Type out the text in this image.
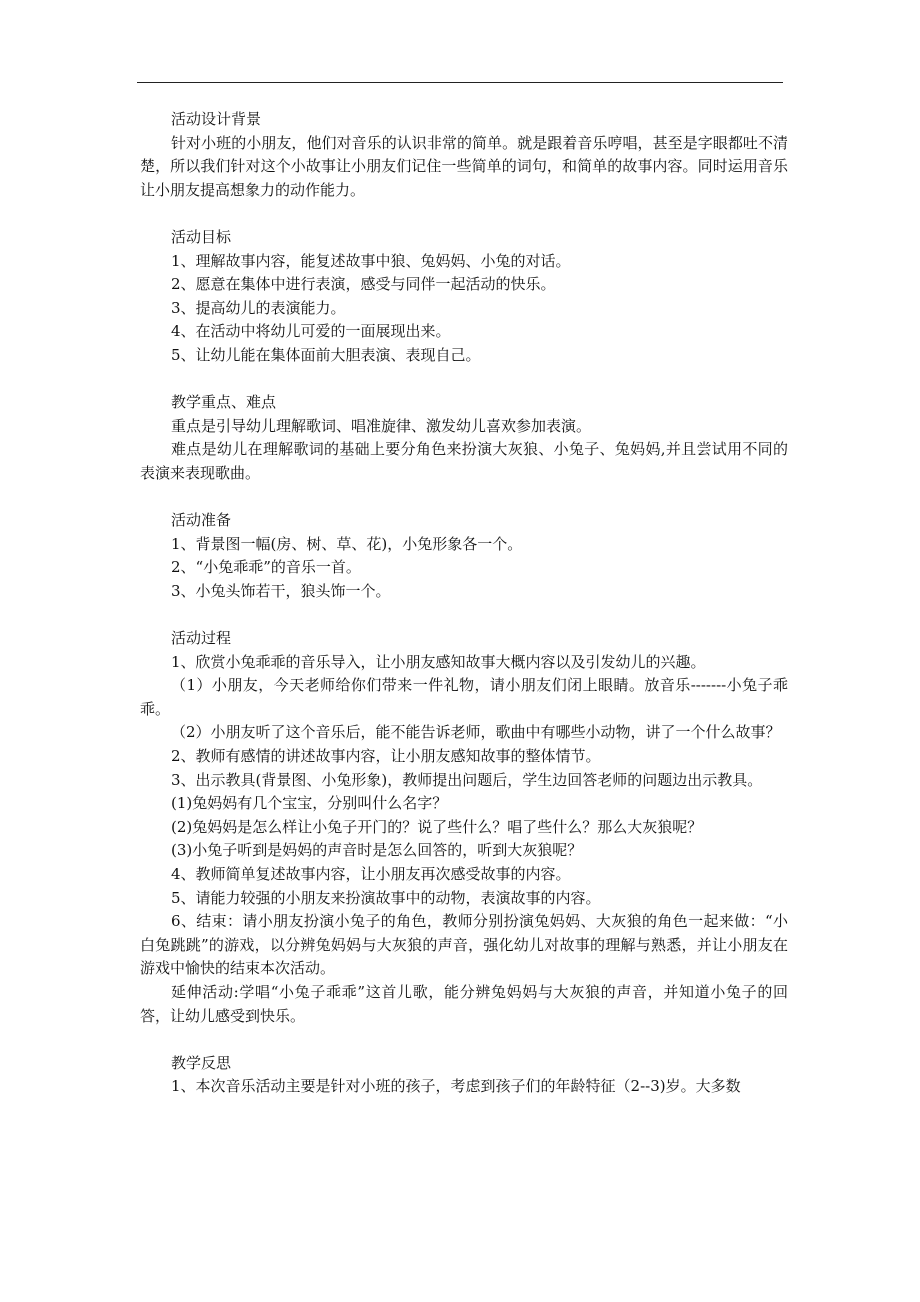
活动设计背景

针对小班的小朋友，他们对音乐的认识非常的简单。就是跟着音乐哼唱，甚至是字眼都吐不清楚，所以我们针对这个小故事让小朋友们记住一些简单的词句，和简单的故事内容。同时运用音乐让小朋友提高想象力的动作能力。

活动目标

1、理解故事内容，能复述故事中狼、兔妈妈、小兔的对话。

2、愿意在集体中进行表演，感受与同伴一起活动的快乐。

3、提高幼儿的表演能力。

4、在活动中将幼儿可爱的一面展现出来。

5、让幼儿能在集体面前大胆表演、表现自己。

教学重点、难点

重点是引导幼儿理解歌词、唱准旋律、激发幼儿喜欢参加表演。

难点是幼儿在理解歌词的基础上要分角色来扮演大灰狼、小兔子、兔妈妈,并且尝试用不同的表演来表现歌曲。

活动准备

1、背景图一幅(房、树、草、花)，小兔形象各一个。

2、“小兔乖乖”的音乐一首。

3、小兔头饰若干，狼头饰一个。

活动过程

1、欣赏小兔乖乖的音乐导入，让小朋友感知故事大概内容以及引发幼儿的兴趣。

（1）小朋友，今天老师给你们带来一件礼物，请小朋友们闭上眼睛。放音乐-------小兔子乖乖。

（2）小朋友听了这个音乐后，能不能告诉老师，歌曲中有哪些小动物，讲了一个什么故事？

2、教师有感情的讲述故事内容，让小朋友感知故事的整体情节。

3、出示教具(背景图、小兔形象)，教师提出问题后，学生边回答老师的问题边出示教具。

(1)兔妈妈有几个宝宝，分别叫什么名字？

(2)兔妈妈是怎么样让小兔子开门的？说了些什么？唱了些什么？那么大灰狼呢？

(3)小兔子听到是妈妈的声音时是怎么回答的，听到大灰狼呢？

4、教师简单复述故事内容，让小朋友再次感受故事的内容。

5、请能力较强的小朋友来扮演故事中的动物，表演故事的内容。

6、结束：请小朋友扮演小兔子的角色，教师分别扮演兔妈妈、大灰狼的角色一起来做：“小白兔跳跳”的游戏，以分辨兔妈妈与大灰狼的声音，强化幼儿对故事的理解与熟悉，并让小朋友在游戏中愉快的结束本次活动。

延伸活动:学唱“小兔子乖乖”这首儿歌，能分辨兔妈妈与大灰狼的声音，并知道小兔子的回答，让幼儿感受到快乐。

教学反思

1、本次音乐活动主要是针对小班的孩子，考虑到孩子们的年龄特征（2--3)岁。大多数
